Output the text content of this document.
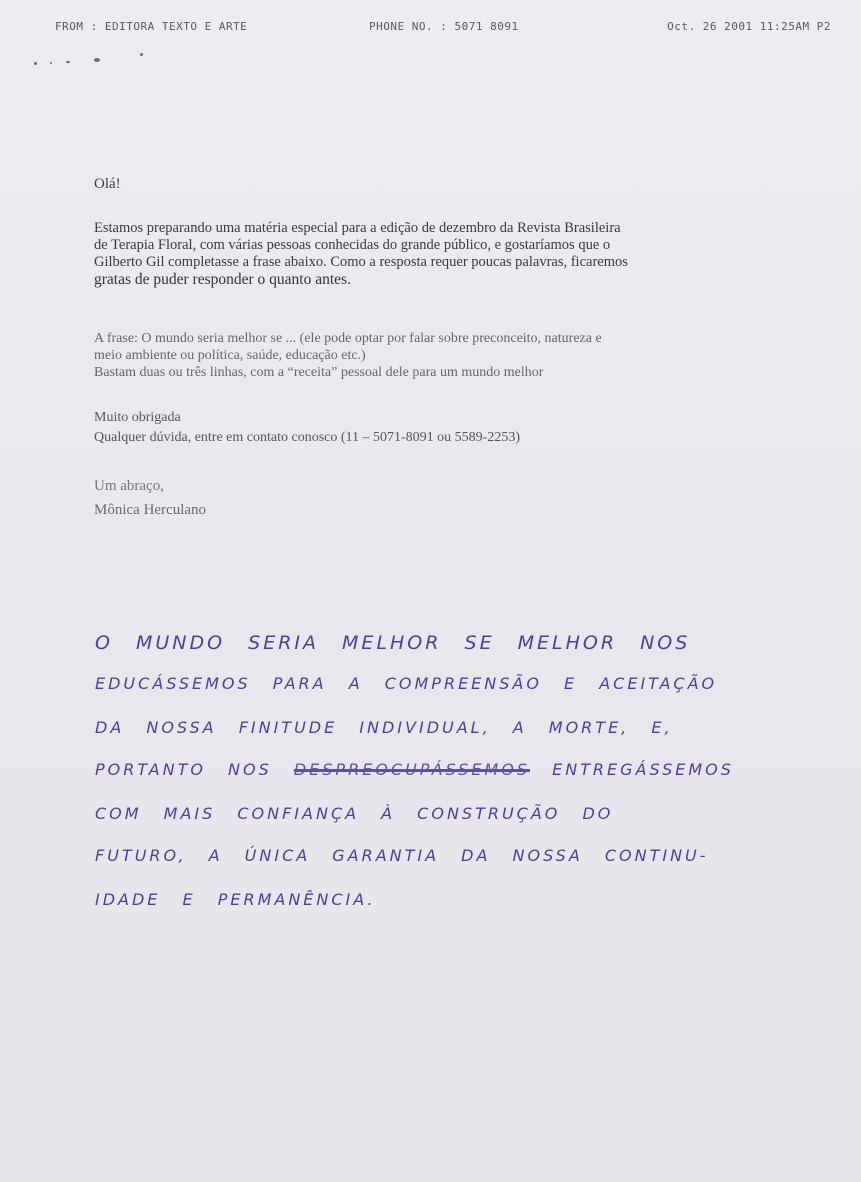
FROM : EDITORA TEXTO E ARTE	PHONE NO. : 5071 8091	Oct. 26 2001 11:25AM P2

Olá!

Estamos preparando uma matéria especial para a edição de dezembro da Revista Brasileira

de Terapia Floral, com várias pessoas conhecidas do grande público, e gostaríamos que o

Gilberto Gil completasse a frase abaixo. Como a resposta requer poucas palavras, ficaremos

gratas de puder responder o quanto antes.

A frase: O mundo seria melhor se ... (ele pode optar por falar sobre preconceito, natureza e

meio ambiente ou política, saúde, educação etc.)

Bastam duas ou três linhas, com a “receita” pessoal dele para um mundo melhor

Muito obrigada

Qualquer dúvida, entre em contato conosco (11 – 5071-8091 ou 5589-2253)

Um abraço,

Mônica Herculano

O MUNDO SERIA MELHOR SE MELHOR NOS
EDUCÁSSEMOS PARA A COMPREENSÃO E ACEITAÇÃO
DA NOSSA FINITUDE INDIVIDUAL, A MORTE, E,
PORTANTO NOS DESPREOCUPÁSSEMOS ENTREGÁSSEMOS
COM MAIS CONFIANÇA À CONSTRUÇÃO DO
FUTURO, A ÚNICA GARANTIA DA NOSSA CONTINU-
IDADE E PERMANÊNCIA.
